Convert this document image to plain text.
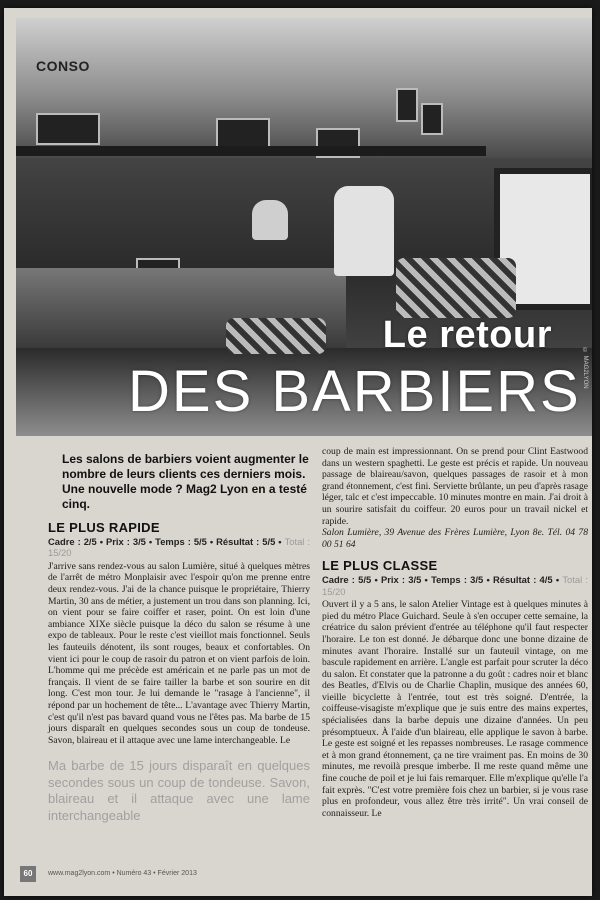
© MAG2LYON
CONSO
Le retour
DES BARBIERS

Les salons de barbiers voient augmenter le nombre de leurs clients ces derniers mois. Une nouvelle mode ? Mag2 Lyon en a testé cinq.

LE PLUS RAPIDE
Cadre : 2/5 • Prix : 3/5 • Temps : 5/5 • Résultat : 5/5 • Total : 15/20

J'arrive sans rendez-vous au salon Lumière, situé à quelques mètres de l'arrêt de métro Monplaisir avec l'espoir qu'on me prenne entre deux rendez-vous. J'ai de la chance puisque le propriétaire, Thierry Martin, 30 ans de métier, a justement un trou dans son planning. Ici, on vient pour se faire coiffer et raser, point. On est loin d'une ambiance XIXe siècle puisque la déco du salon se résume à une expo de tableaux. Pour le reste c'est vieillot mais fonctionnel. Seuls les fauteuils dénotent, ils sont rouges, beaux et confortables. On vient ici pour le coup de rasoir du patron et on vient parfois de loin. L'homme qui me précède est américain et ne parle pas un mot de français. Il vient de se faire tailler la barbe et son sourire en dit long. C'est mon tour. Je lui demande le "rasage à l'ancienne", il répond par un hochement de tête... L'avantage avec Thierry Martin, c'est qu'il n'est pas bavard quand vous ne l'êtes pas. Ma barbe de 15 jours disparaît en quelques secondes sous un coup de tondeuse. Savon, blaireau et il attaque avec une lame interchangeable. Le

Ma barbe de 15 jours disparaît en quelques secondes sous un coup de tondeuse. Savon, blaireau et il attaque avec une lame interchangeable

coup de main est impressionnant. On se prend pour Clint Eastwood dans un western spaghetti. Le geste est précis et rapide. Un nouveau passage de blaireau/savon, quelques passages de rasoir et à mon grand étonnement, c'est fini. Serviette brûlante, un peu d'après rasage léger, talc et c'est impeccable. 10 minutes montre en main. J'ai droit à un sourire satisfait du coiffeur. 20 euros pour un travail nickel et rapide.

Salon Lumière, 39 Avenue des Frères Lumière, Lyon 8e. Tél. 04 78 00 51 64

LE PLUS CLASSE
Cadre : 5/5 • Prix : 3/5 • Temps : 3/5 • Résultat : 4/5 • Total : 15/20

Ouvert il y a 5 ans, le salon Atelier Vintage est à quelques minutes à pied du métro Place Guichard. Seule à s'en occuper cette semaine, la créatrice du salon prévient d'entrée au téléphone qu'il faut respecter l'horaire. Le ton est donné. Je débarque donc une bonne dizaine de minutes avant l'horaire. Installé sur un fauteuil vintage, on me bascule rapidement en arrière. L'angle est parfait pour scruter la déco du salon. Et constater que la patronne a du goût : cadres noir et blanc des Beatles, d'Elvis ou de Charlie Chaplin, musique des années 60, vieille bicyclette à l'entrée, tout est très soigné. D'entrée, la coiffeuse-visagiste m'explique que je suis entre des mains expertes, spécialisées dans la barbe depuis une dizaine d'années. Un peu présomptueux. À l'aide d'un blaireau, elle applique le savon à barbe. Le geste est soigné et les repasses nombreuses. Le rasage commence et à mon grand étonnement, ça ne tire vraiment pas. En moins de 30 minutes, me revoilà presque imberbe. Il me reste quand même une fine couche de poil et je lui fais remarquer. Elle m'explique qu'elle l'a fait exprès. "C'est votre première fois chez un barbier, si je vous rase plus en profondeur, vous allez être très irrité". Un vrai conseil de connaisseur. Le

60	www.mag2lyon.com • Numéro 43 • Février 2013
